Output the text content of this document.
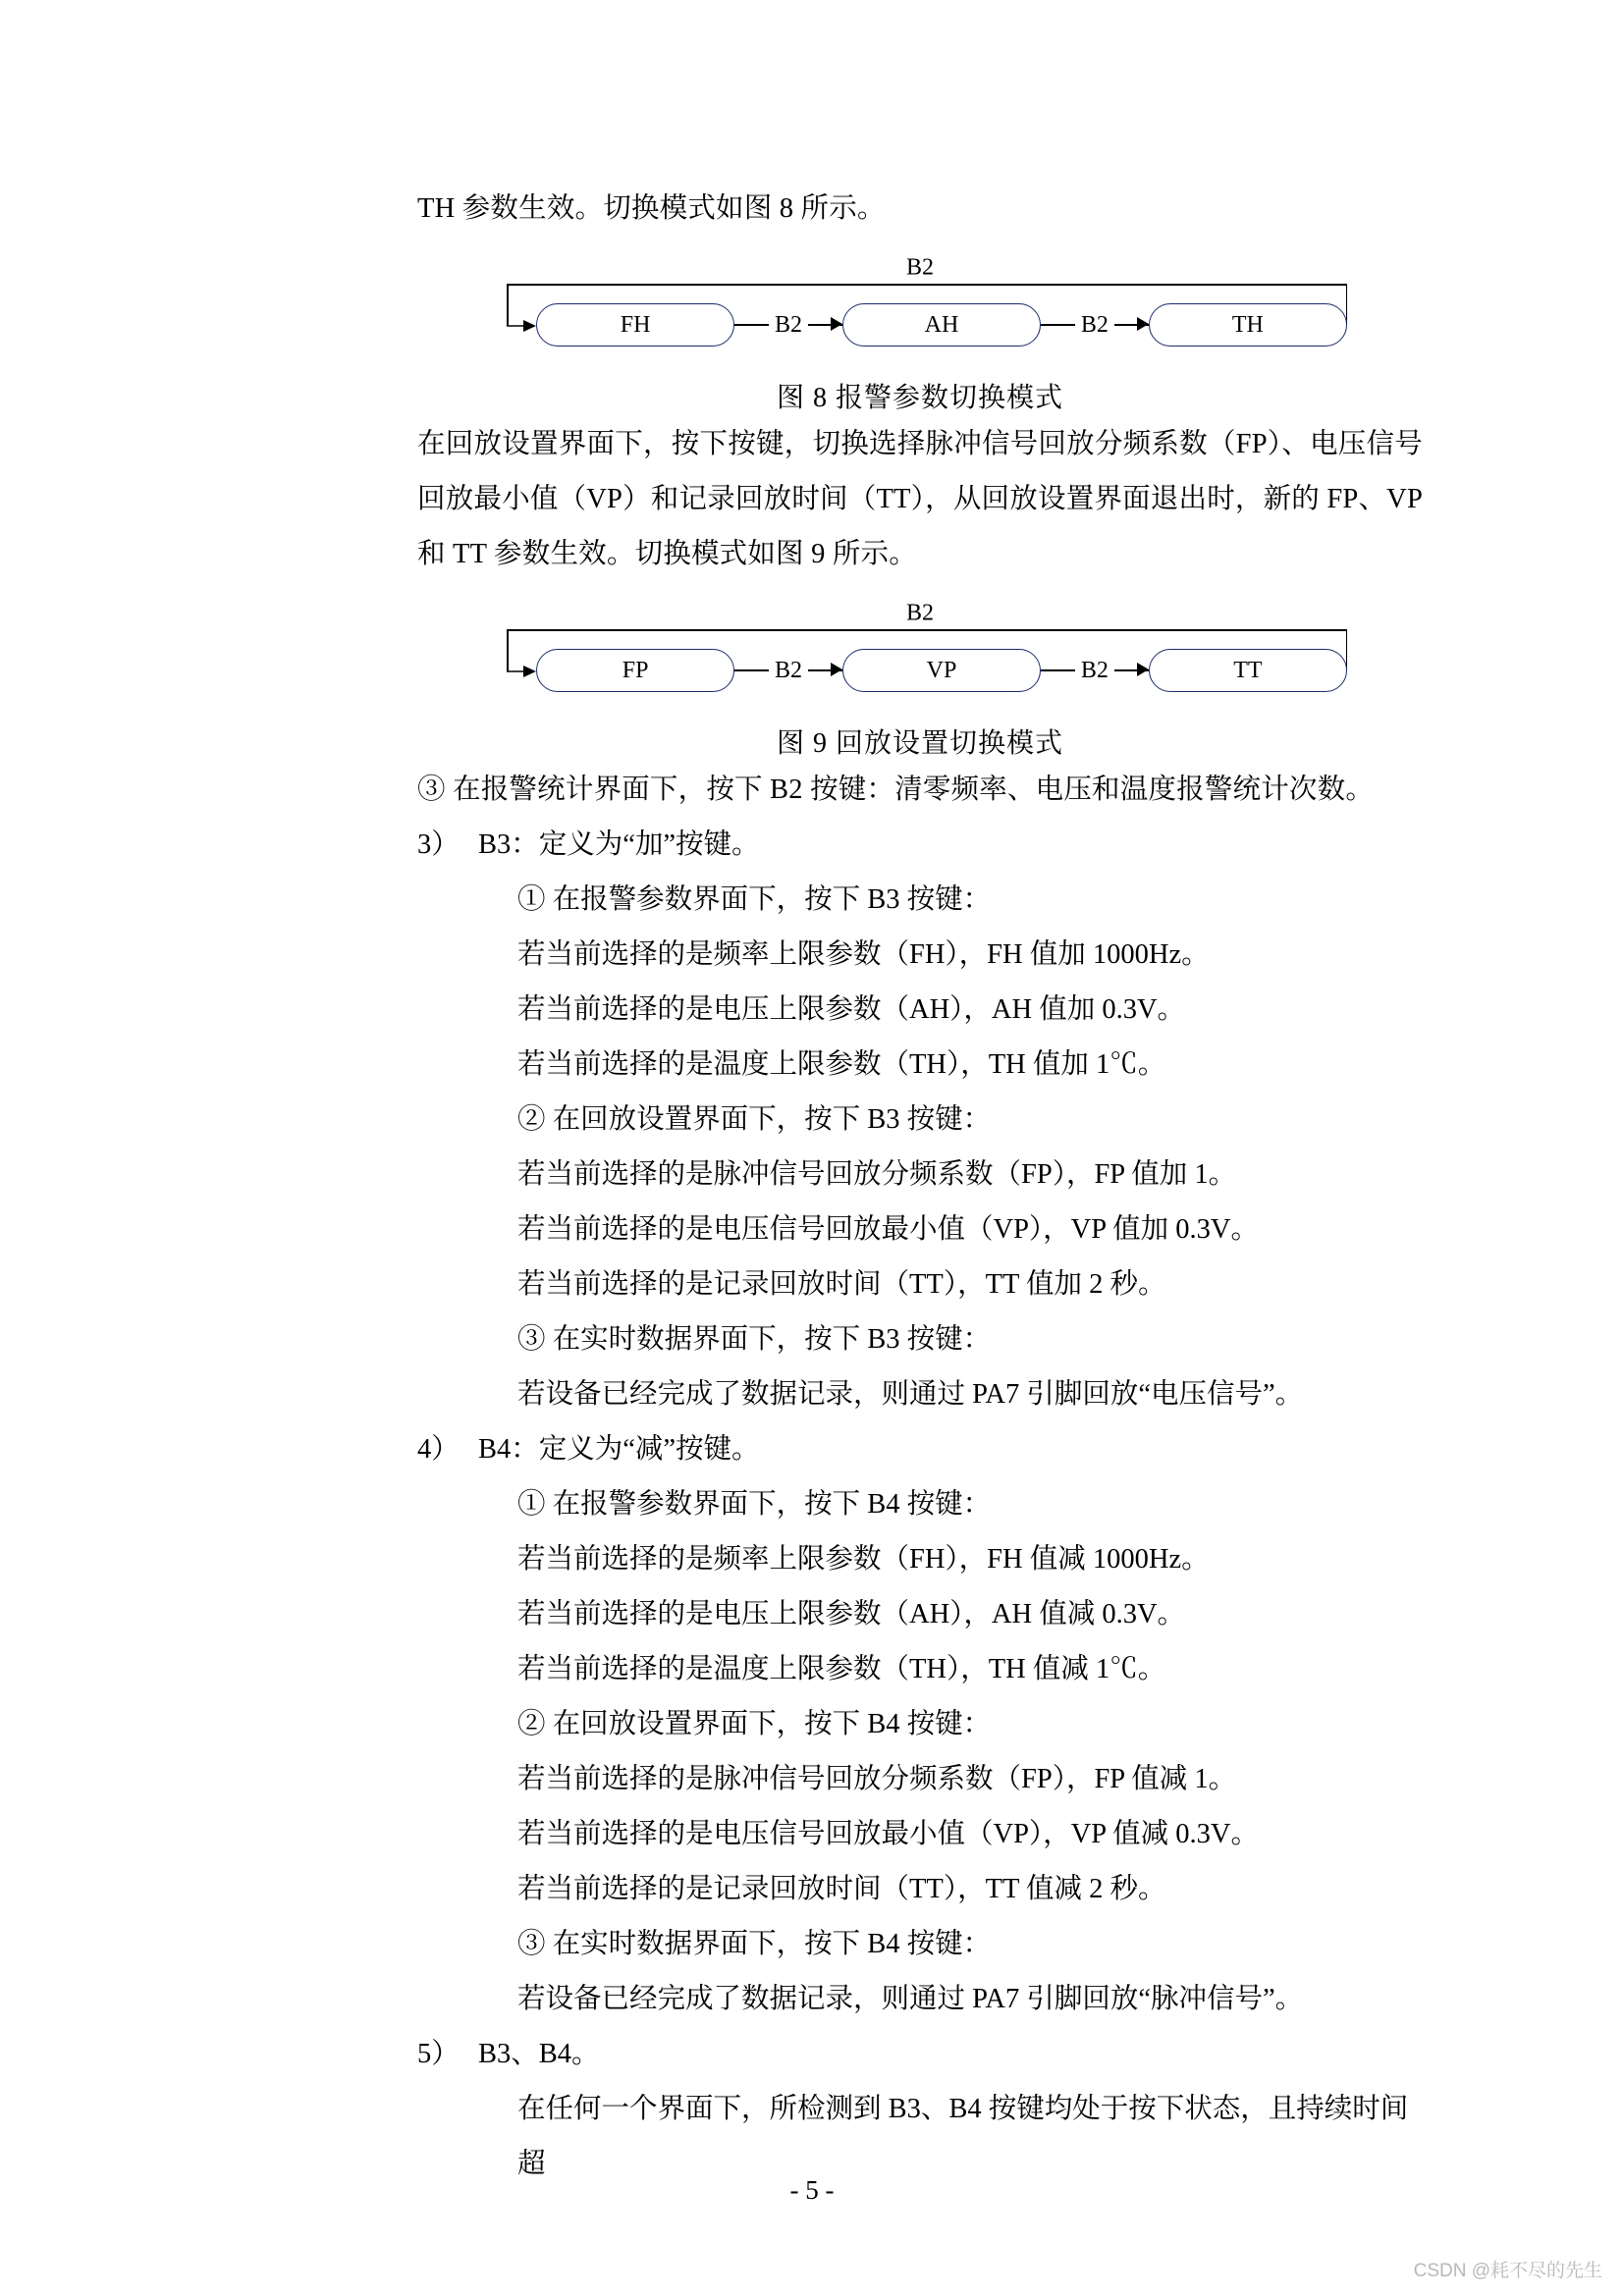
TH 参数生效。切换模式如图 8 所示。

B2
FH	B2	AH	B2	TH
图 8 报警参数切换模式

在回放设置界面下，按下按键，切换选择脉冲信号回放分频系数（FP）、电压信号回放最小值（VP）和记录回放时间（TT），从回放设置界面退出时，新的 FP、VP 和 TT 参数生效。切换模式如图 9 所示。

B2
FP	B2	VP	B2	TT
图 9 回放设置切换模式

③ 在报警统计界面下，按下 B2 按键：清零频率、电压和温度报警统计次数。

3） B3：定义为“加”按键。
① 在报警参数界面下，按下 B3 按键：
若当前选择的是频率上限参数（FH），FH 值加 1000Hz。
若当前选择的是电压上限参数（AH），AH 值加 0.3V。
若当前选择的是温度上限参数（TH），TH 值加 1℃。
② 在回放设置界面下，按下 B3 按键：
若当前选择的是脉冲信号回放分频系数（FP），FP 值加 1。
若当前选择的是电压信号回放最小值（VP），VP 值加 0.3V。
若当前选择的是记录回放时间（TT），TT 值加 2 秒。
③ 在实时数据界面下，按下 B3 按键：
若设备已经完成了数据记录，则通过 PA7 引脚回放“电压信号”。
4） B4：定义为“减”按键。
① 在报警参数界面下，按下 B4 按键：
若当前选择的是频率上限参数（FH），FH 值减 1000Hz。
若当前选择的是电压上限参数（AH），AH 值减 0.3V。
若当前选择的是温度上限参数（TH），TH 值减 1℃。
② 在回放设置界面下，按下 B4 按键：
若当前选择的是脉冲信号回放分频系数（FP），FP 值减 1。
若当前选择的是电压信号回放最小值（VP），VP 值减 0.3V。
若当前选择的是记录回放时间（TT），TT 值减 2 秒。
③ 在实时数据界面下，按下 B4 按键：
若设备已经完成了数据记录，则通过 PA7 引脚回放“脉冲信号”。
5） B3、B4。
在任何一个界面下，所检测到 B3、B4 按键均处于按下状态，且持续时间超
- 5 -
CSDN @耗不尽的先生
